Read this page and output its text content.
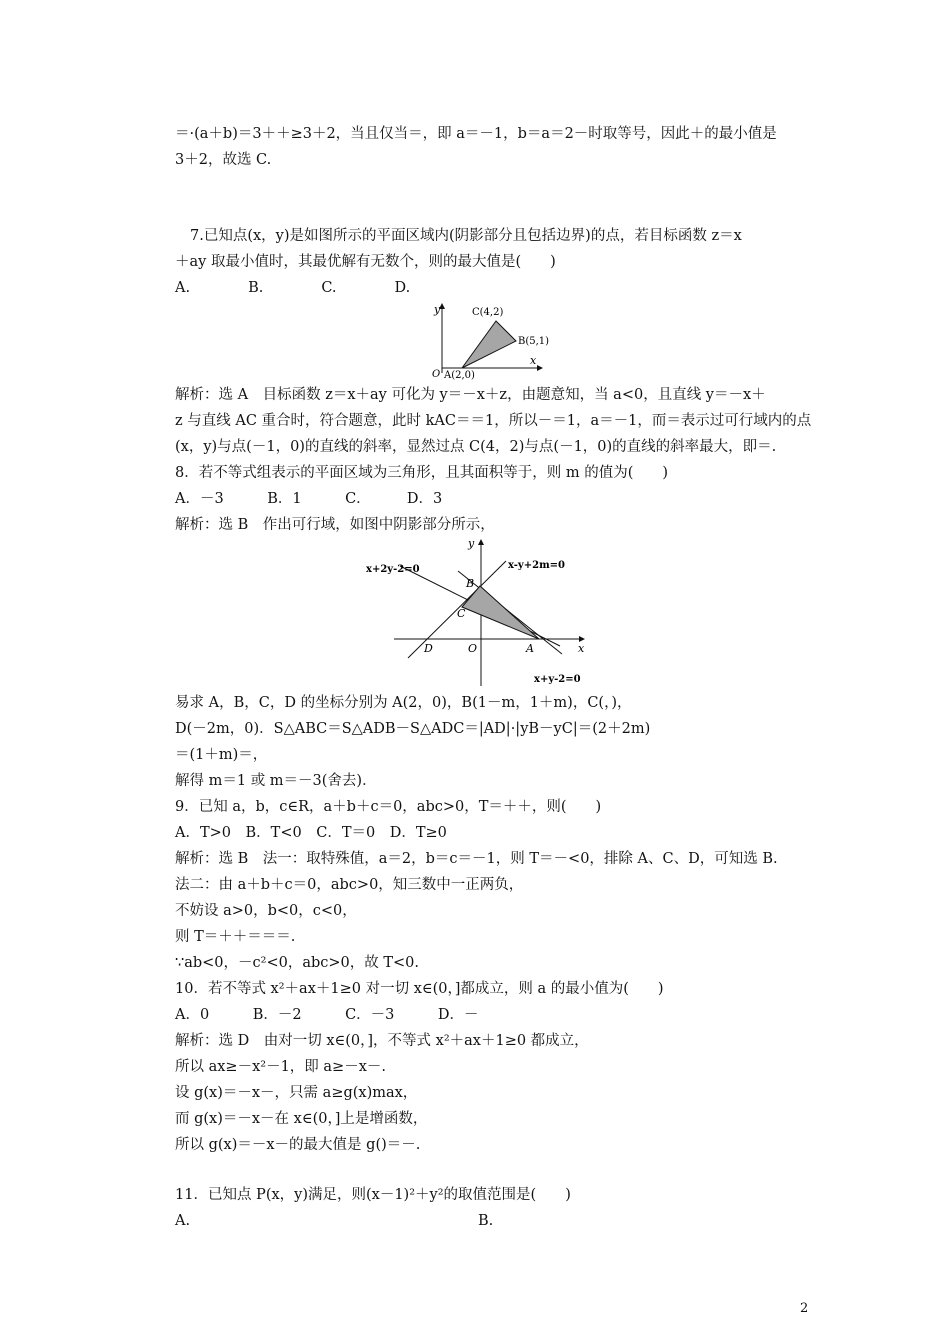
＝·(a＋b)＝3＋＋≥3＋2，当且仅当＝，即 a＝－1，b＝a＝2－时取等号，因此＋的最小值是
3＋2，故选 C.
7.已知点(x，y)是如图所示的平面区域内(阴影部分且包括边界)的点，若目标函数 z＝x
＋ay 取最小值时，其最优解有无数个，则的最大值是(　　)
A.　　　　B.　　　　C.　　　　D.
y
x
O A(2,0)
C(4,2)
B(5,1)
解析：选 A　目标函数 z＝x＋ay 可化为 y＝－x＋z，由题意知，当 a<0，且直线 y＝－x＋
z 与直线 AC 重合时，符合题意，此时 kAC＝＝1，所以－＝1，a＝－1，而＝表示过可行域内的点
(x，y)与点(－1，0)的直线的斜率，显然过点 C(4，2)与点(－1，0)的直线的斜率最大，即＝.
8．若不等式组表示的平面区域为三角形，且其面积等于，则 m 的值为(　　)
A．－3　　　B．1　　　C．　　　D．3
解析：选 B　作出可行域，如图中阴影部分所示，
y
x
O
x+2y-2=0	x-y+2m=0
x+y-2=0
A
B
C
D
易求 A，B，C，D 的坐标分别为 A(2，0)，B(1－m，1＋m)，C(，)，
D(－2m，0)．S△ABC＝S△ADB－S△ADC＝|AD|·|yB－yC|＝(2＋2m)
＝(1＋m)＝，
解得 m＝1 或 m＝－3(舍去)．
9．已知 a，b，c∈R，a＋b＋c＝0，abc>0，T＝＋＋，则(　　)
A．T>0　B．T<0　C．T＝0　D．T≥0
解析：选 B　法一：取特殊值，a＝2，b＝c＝－1，则 T＝－<0，排除 A、C、D，可知选 B.
法二：由 a＋b＋c＝0，abc>0，知三数中一正两负，
不妨设 a>0，b<0，c<0，
则 T＝＋＋＝＝＝.
∵ab<0，－c²<0，abc>0，故 T<0.
10．若不等式 x²＋ax＋1≥0 对一切 x∈(0，]都成立，则 a 的最小值为(　　)
A．0　　　B．－2　　　C．－3　　　D．－
解析：选 D　由对一切 x∈(0，]，不等式 x²＋ax＋1≥0 都成立，
所以 ax≥－x²－1，即 a≥－x－.
设 g(x)＝－x－，只需 a≥g(x)max，
而 g(x)＝－x－在 x∈(0，]上是增函数，
所以 g(x)＝－x－的最大值是 g()＝－.
11．已知点 P(x，y)满足，则(x－1)²＋y²的取值范围是(　　)
A.	B.
2
